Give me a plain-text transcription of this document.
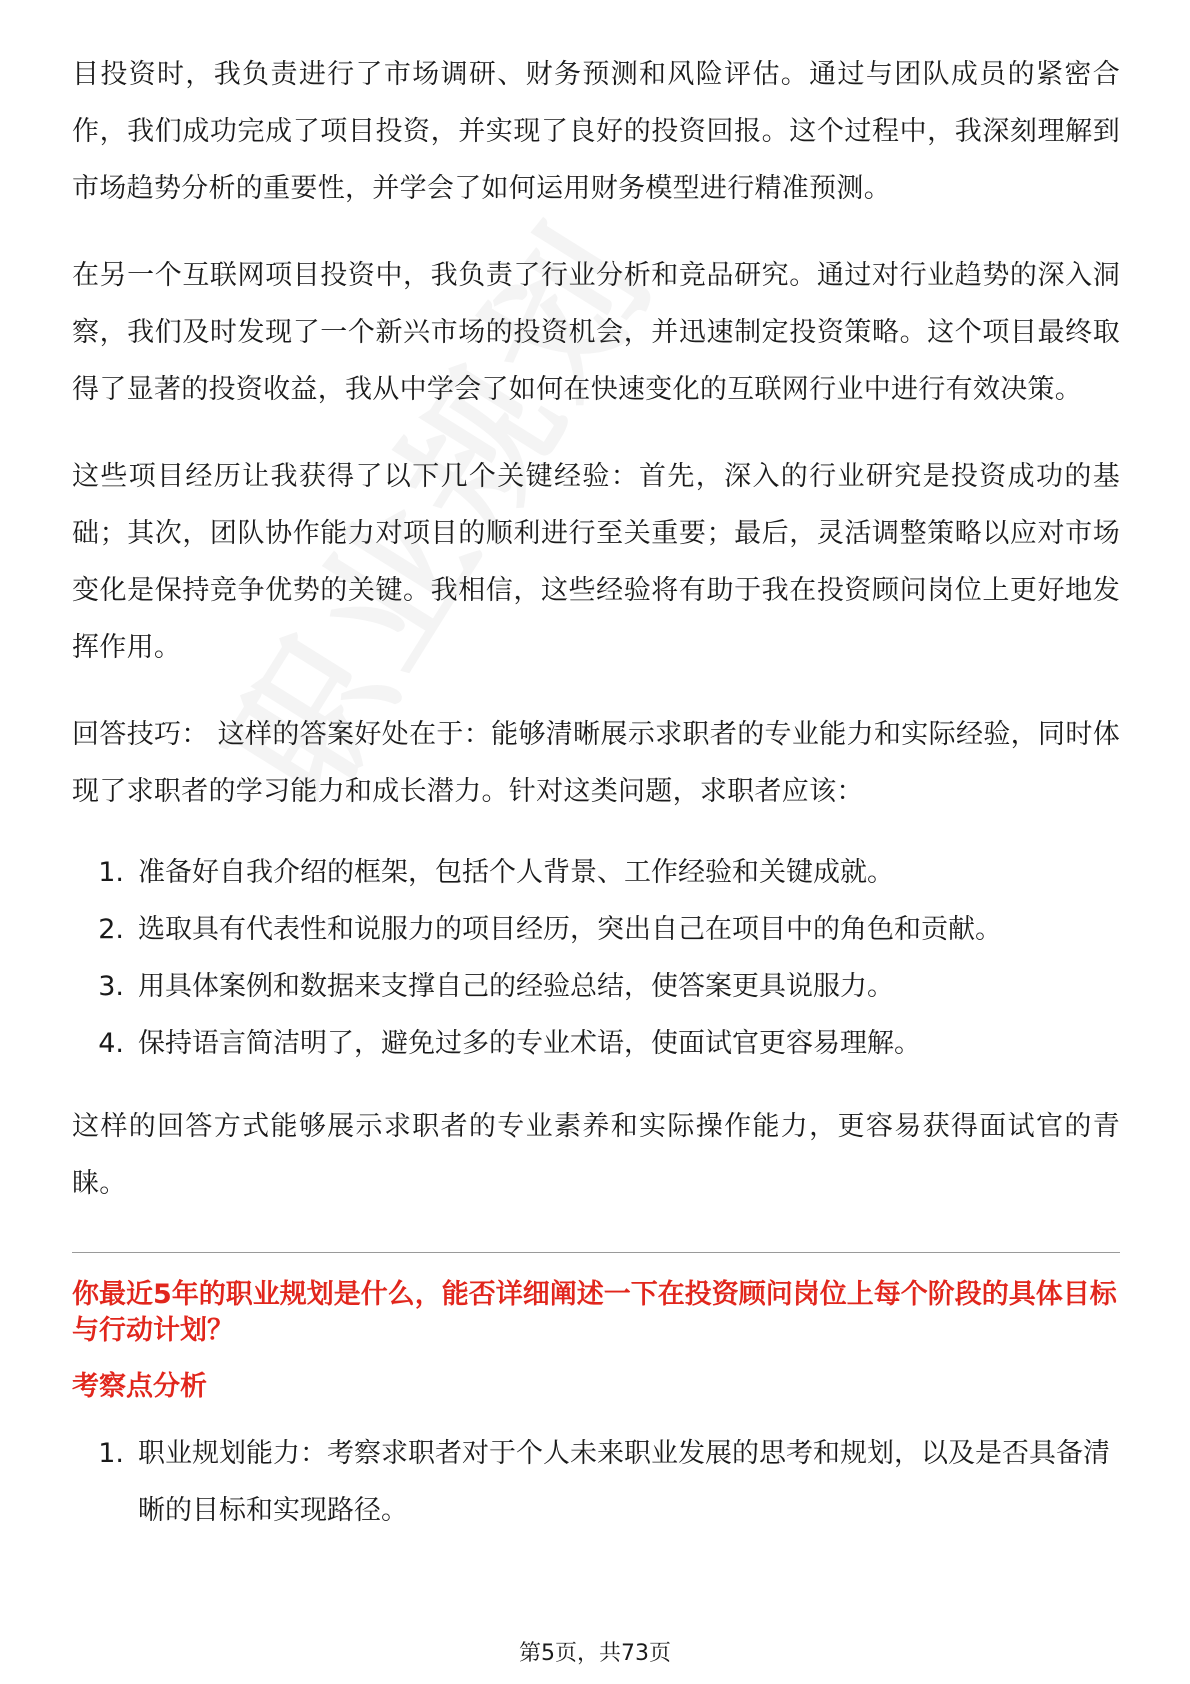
目投资时，我负责进行了市场调研、财务预测和风险评估。通过与团队成员的紧密合作，我们成功完成了项目投资，并实现了良好的投资回报。这个过程中，我深刻理解到市场趋势分析的重要性，并学会了如何运用财务模型进行精准预测。

在另一个互联网项目投资中，我负责了行业分析和竞品研究。通过对行业趋势的深入洞察，我们及时发现了一个新兴市场的投资机会，并迅速制定投资策略。这个项目最终取得了显著的投资收益，我从中学会了如何在快速变化的互联网行业中进行有效决策。

这些项目经历让我获得了以下几个关键经验：首先，深入的行业研究是投资成功的基础；其次，团队协作能力对项目的顺利进行至关重要；最后，灵活调整策略以应对市场变化是保持竞争优势的关键。我相信，这些经验将有助于我在投资顾问岗位上更好地发挥作用。

回答技巧： 这样的答案好处在于：能够清晰展示求职者的专业能力和实际经验，同时体现了求职者的学习能力和成长潜力。针对这类问题，求职者应该：

1. 准备好自我介绍的框架，包括个人背景、工作经验和关键成就。
2. 选取具有代表性和说服力的项目经历，突出自己在项目中的角色和贡献。
3. 用具体案例和数据来支撑自己的经验总结，使答案更具说服力。
4. 保持语言简洁明了，避免过多的专业术语，使面试官更容易理解。

这样的回答方式能够展示求职者的专业素养和实际操作能力，更容易获得面试官的青睐。

你最近5年的职业规划是什么，能否详细阐述一下在投资顾问岗位上每个阶段的具体目标与行动计划？

考察点分析

1. 职业规划能力：考察求职者对于个人未来职业发展的思考和规划，以及是否具备清晰的目标和实现路径。
第5页，共73页
